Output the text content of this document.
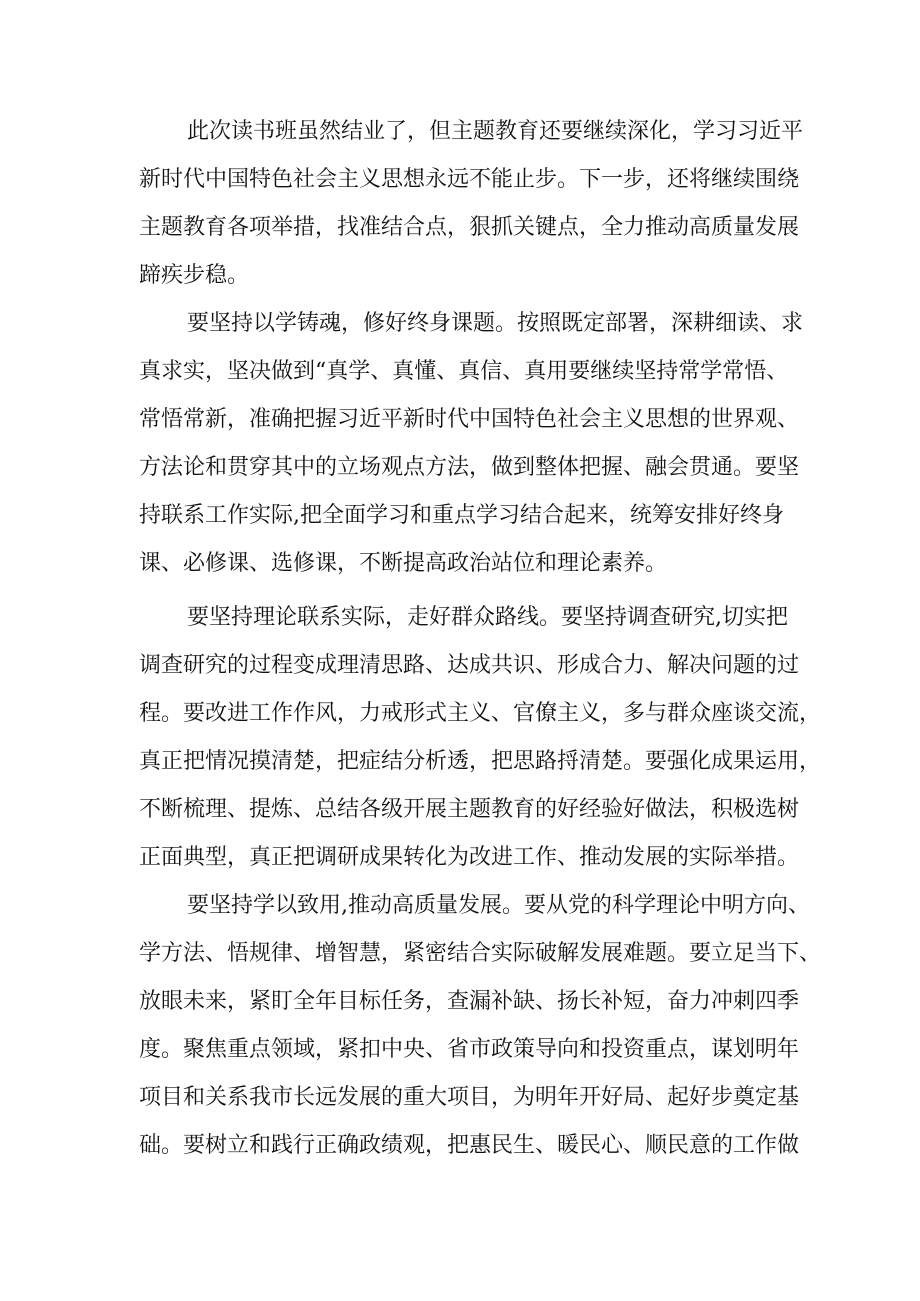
此次读书班虽然结业了，但主题教育还要继续深化，学习习近平
新时代中国特色社会主义思想永远不能止步。下一步，还将继续围绕
主题教育各项举措，找准结合点，狠抓关键点，全力推动高质量发展
蹄疾步稳。
要坚持以学铸魂，修好终身课题。按照既定部署，深耕细读、求
真求实，坚决做到“真学、真懂、真信、真用要继续坚持常学常悟、
常悟常新，准确把握习近平新时代中国特色社会主义思想的世界观、
方法论和贯穿其中的立场观点方法，做到整体把握、融会贯通。要坚
持联系工作实际,把全面学习和重点学习结合起来，统筹安排好终身
课、必修课、选修课，不断提高政治站位和理论素养。
要坚持理论联系实际，走好群众路线。要坚持调查研究,切实把
调查研究的过程变成理清思路、达成共识、形成合力、解决问题的过
程。要改进工作作风，力戒形式主义、官僚主义，多与群众座谈交流，
真正把情况摸清楚，把症结分析透，把思路捋清楚。要强化成果运用，
不断梳理、提炼、总结各级开展主题教育的好经验好做法，积极选树
正面典型，真正把调研成果转化为改进工作、推动发展的实际举措。
要坚持学以致用,推动高质量发展。要从党的科学理论中明方向、
学方法、悟规律、增智慧，紧密结合实际破解发展难题。要立足当下、
放眼未来，紧盯全年目标任务，查漏补缺、扬长补短，奋力冲刺四季
度。聚焦重点领域，紧扣中央、省市政策导向和投资重点，谋划明年
项目和关系我市长远发展的重大项目，为明年开好局、起好步奠定基
础。要树立和践行正确政绩观，把惠民生、暖民心、顺民意的工作做
